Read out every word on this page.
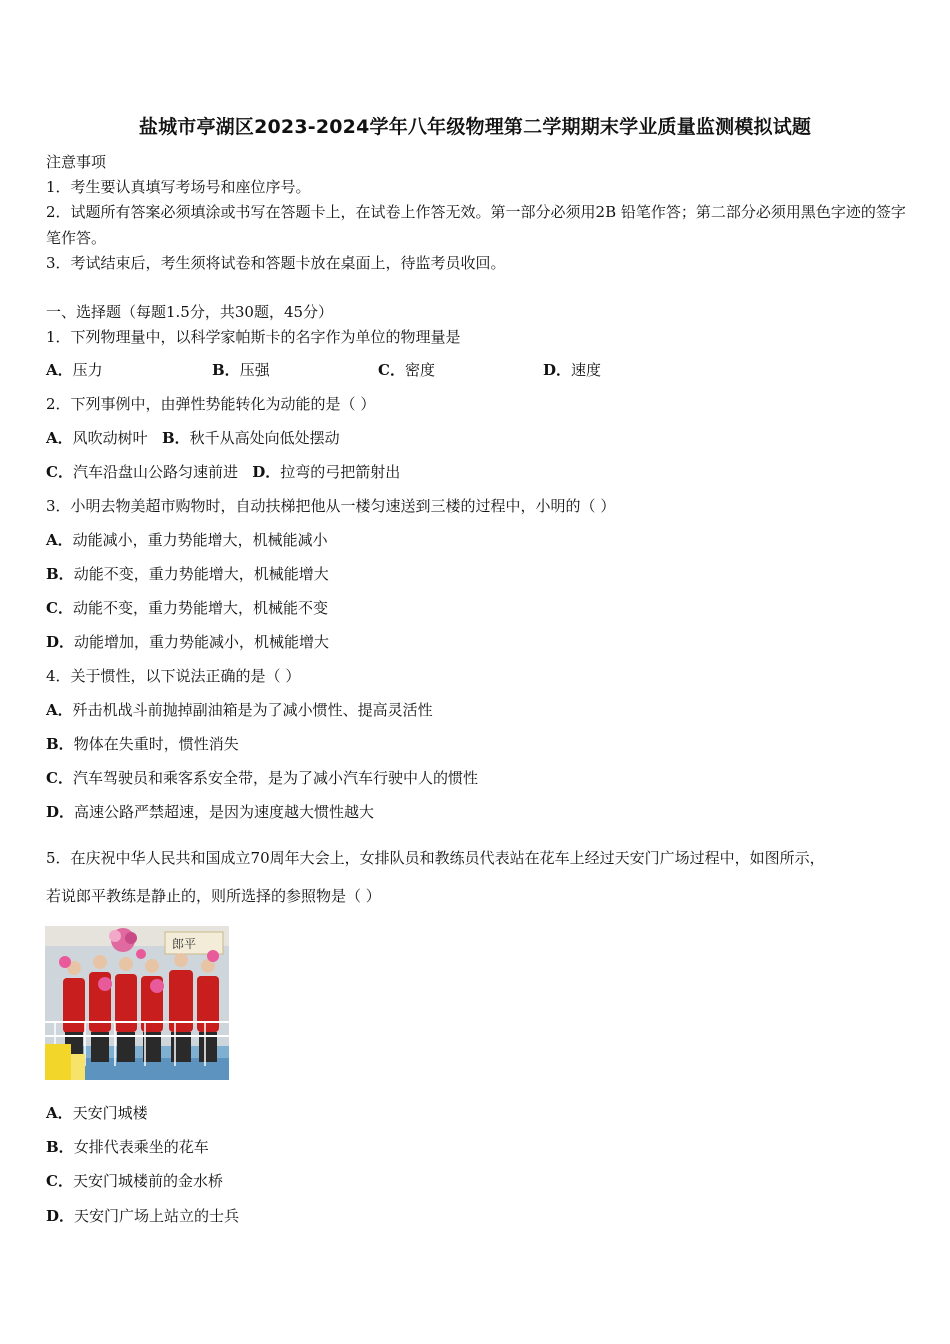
盐城市亭湖区2023-2024学年八年级物理第二学期期末学业质量监测模拟试题
注意事项
1．考生要认真填写考场号和座位序号。
2．试题所有答案必须填涂或书写在答题卡上，在试卷上作答无效。第一部分必须用2B 铅笔作答；第二部分必须用黑色字迹的签字笔作答。
3．考试结束后，考生须将试卷和答题卡放在桌面上，待监考员收回。
一、选择题（每题1.5分，共30题，45分）
1．下列物理量中，以科学家帕斯卡的名字作为单位的物理量是
A．压力	B．压强	C．密度	D．速度
2．下列事例中，由弹性势能转化为动能的是（ ）
A．风吹动树叶 B．秋千从高处向低处摆动
C．汽车沿盘山公路匀速前进 D．拉弯的弓把箭射出
3．小明去物美超市购物时，自动扶梯把他从一楼匀速送到三楼的过程中，小明的（ ）
A．动能减小，重力势能增大，机械能减小
B．动能不变，重力势能增大，机械能增大
C．动能不变，重力势能增大，机械能不变
D．动能增加，重力势能减小，机械能增大
4．关于惯性，以下说法正确的是（ ）
A．歼击机战斗前抛掉副油箱是为了减小惯性、提高灵活性
B．物体在失重时，惯性消失
C．汽车驾驶员和乘客系安全带，是为了减小汽车行驶中人的惯性
D．高速公路严禁超速，是因为速度越大惯性越大
5．在庆祝中华人民共和国成立70周年大会上，女排队员和教练员代表站在花车上经过天安门广场过程中，如图所示，
若说郎平教练是静止的，则所选择的参照物是（ ）
郎平
A．天安门城楼
B．女排代表乘坐的花车
C．天安门城楼前的金水桥
D．天安门广场上站立的士兵
